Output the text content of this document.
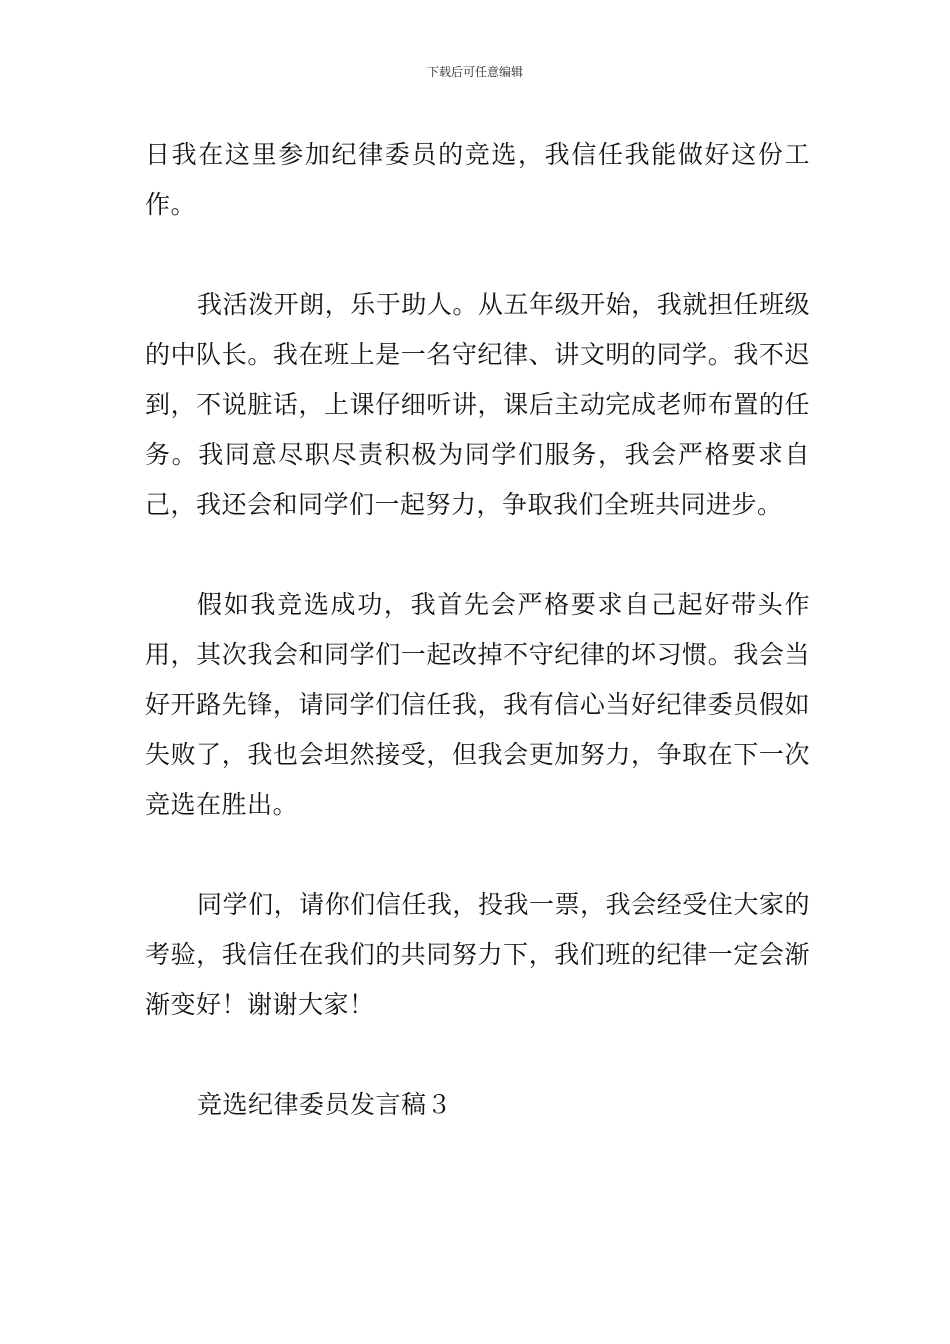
下载后可任意编辑

日我在这里参加纪律委员的竞选，我信任我能做好这份工作。

我活泼开朗，乐于助人。从五年级开始，我就担任班级的中队长。我在班上是一名守纪律、讲文明的同学。我不迟到，不说脏话，上课仔细听讲，课后主动完成老师布置的任务。我同意尽职尽责积极为同学们服务，我会严格要求自己，我还会和同学们一起努力，争取我们全班共同进步。

假如我竞选成功，我首先会严格要求自己起好带头作用，其次我会和同学们一起改掉不守纪律的坏习惯。我会当好开路先锋，请同学们信任我，我有信心当好纪律委员假如失败了，我也会坦然接受，但我会更加努力，争取在下一次竞选在胜出。

同学们，请你们信任我，投我一票，我会经受住大家的考验，我信任在我们的共同努力下，我们班的纪律一定会渐渐变好！谢谢大家！

竞选纪律委员发言稿３
